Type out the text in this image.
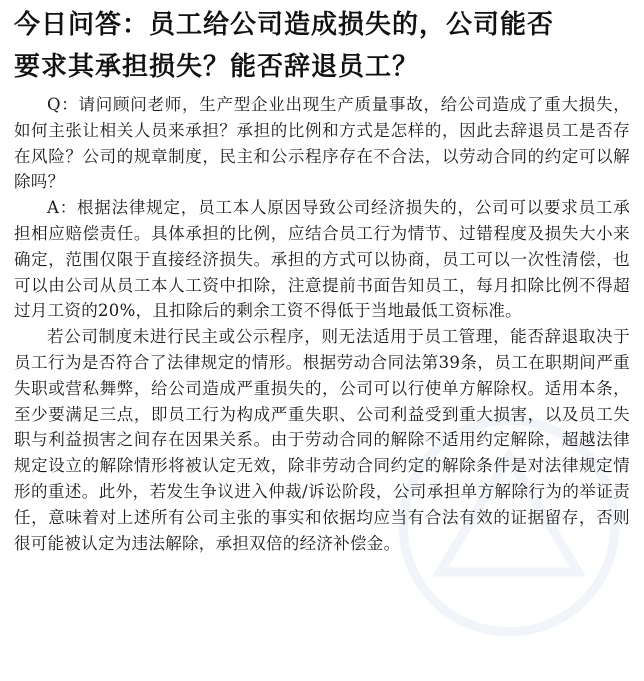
今日问答：员工给公司造成损失的，公司能否
要求其承担损失？能否辞退员工？

Q：请问顾问老师，生产型企业出现生产质量事故，给公司造成了重大损失，如何主张让相关人员来承担？承担的比例和方式是怎样的，因此去辞退员工是否存在风险？公司的规章制度，民主和公示程序存在不合法，以劳动合同的约定可以解除吗？

A：根据法律规定，员工本人原因导致公司经济损失的，公司可以要求员工承担相应赔偿责任。具体承担的比例，应结合员工行为情节、过错程度及损失大小来确定，范围仅限于直接经济损失。承担的方式可以协商，员工可以一次性清偿，也可以由公司从员工本人工资中扣除，注意提前书面告知员工，每月扣除比例不得超过月工资的20%，且扣除后的剩余工资不得低于当地最低工资标准。

若公司制度未进行民主或公示程序，则无法适用于员工管理，能否辞退取决于员工行为是否符合了法律规定的情形。根据劳动合同法第39条，员工在职期间严重失职或营私舞弊，给公司造成严重损失的，公司可以行使单方解除权。适用本条，至少要满足三点，即员工行为构成严重失职、公司利益受到重大损害，以及员工失职与利益损害之间存在因果关系。由于劳动合同的解除不适用约定解除，超越法律规定设立的解除情形将被认定无效，除非劳动合同约定的解除条件是对法律规定情形的重述。此外，若发生争议进入仲裁/诉讼阶段，公司承担单方解除行为的举证责任，意味着对上述所有公司主张的事实和依据均应当有合法有效的证据留存，否则很可能被认定为违法解除，承担双倍的经济补偿金。
